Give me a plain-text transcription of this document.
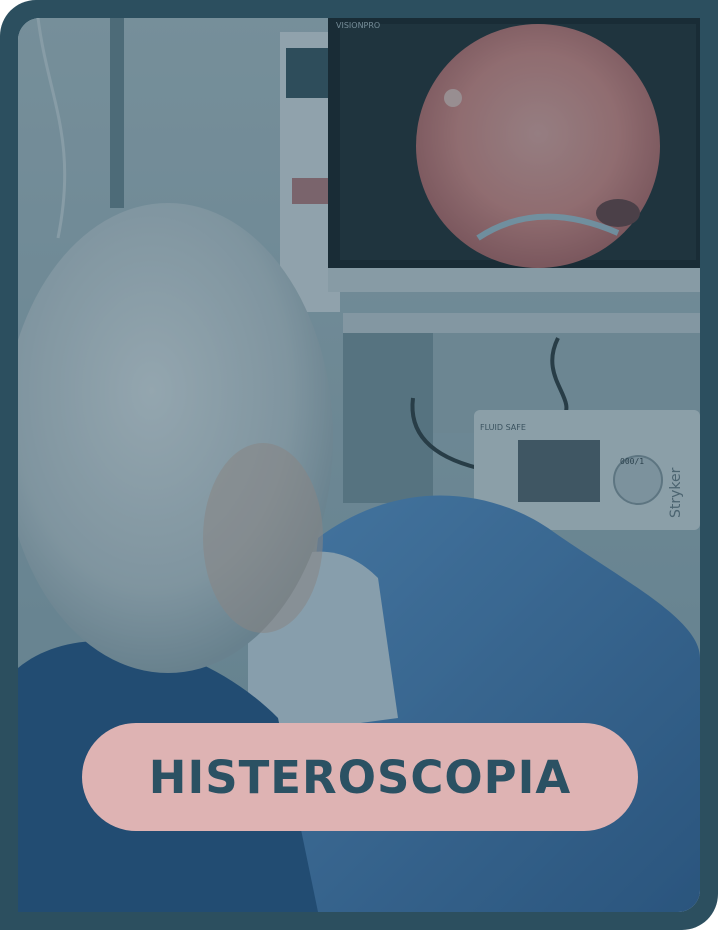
VISIONPRO
FLUID SAFE
000/1
Stryker
HISTEROSCOPIA
